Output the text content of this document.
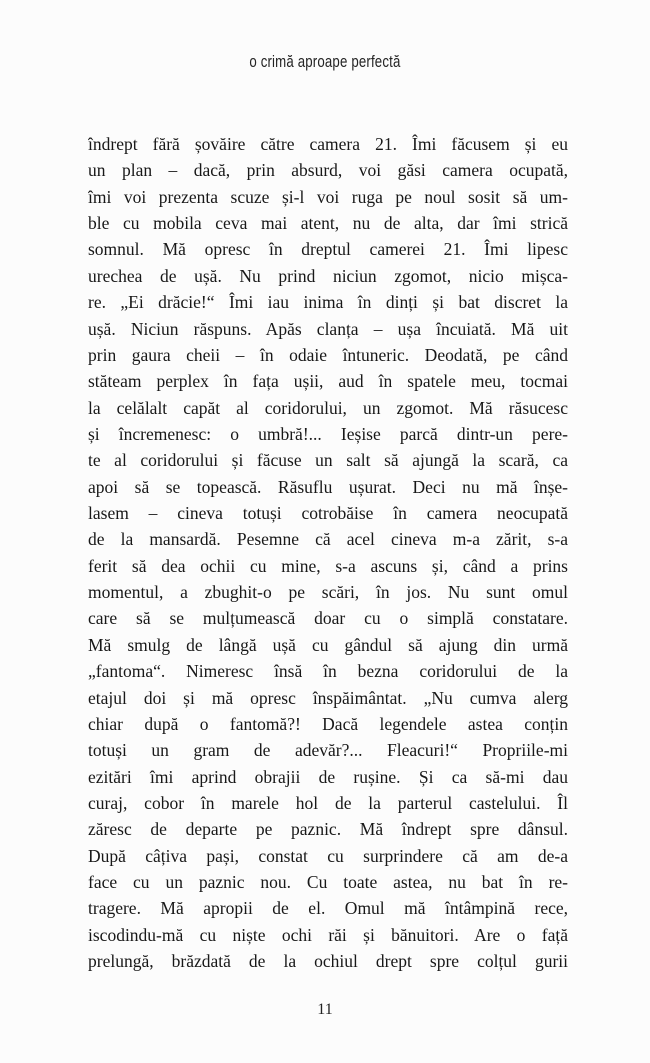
o crimă aproape perfectă
îndrept fără șovăire către camera 21. Îmi făcusem și eu
un plan – dacă, prin absurd, voi găsi camera ocupată,
îmi voi prezenta scuze și-l voi ruga pe noul sosit să um-
ble cu mobila ceva mai atent, nu de alta, dar îmi strică
somnul. Mă opresc în dreptul camerei 21. Îmi lipesc
urechea de ușă. Nu prind niciun zgomot, nicio mișca-
re. „Ei drăcie!“ Îmi iau inima în dinți și bat discret la
ușă. Niciun răspuns. Apăs clanța – ușa încuiată. Mă uit
prin gaura cheii – în odaie întuneric. Deodată, pe când
stăteam perplex în fața ușii, aud în spatele meu, tocmai
la celălalt capăt al coridorului, un zgomot. Mă răsucesc
și încremenesc: o umbră!... Ieșise parcă dintr-un pere-
te al coridorului și făcuse un salt să ajungă la scară, ca
apoi să se topească. Răsuflu ușurat. Deci nu mă înșe-
lasem – cineva totuși cotrobăise în camera neocupată
de la mansardă. Pesemne că acel cineva m-a zărit, s-a
ferit să dea ochii cu mine, s-a ascuns și, când a prins
momentul, a zbughit-o pe scări, în jos. Nu sunt omul
care să se mulțumească doar cu o simplă constatare.
Mă smulg de lângă ușă cu gândul să ajung din urmă
„fantoma“. Nimeresc însă în bezna coridorului de la
etajul doi și mă opresc înspăimântat. „Nu cumva alerg
chiar după o fantomă?! Dacă legendele astea conțin
totuși un gram de adevăr?... Fleacuri!“ Propriile-mi
ezitări îmi aprind obrajii de rușine. Și ca să-mi dau
curaj, cobor în marele hol de la parterul castelului. Îl
zăresc de departe pe paznic. Mă îndrept spre dânsul.
După câțiva pași, constat cu surprindere că am de-a
face cu un paznic nou. Cu toate astea, nu bat în re-
tragere. Mă apropii de el. Omul mă întâmpină rece,
iscodindu-mă cu niște ochi răi și bănuitori. Are o față
prelungă, brăzdată de la ochiul drept spre colțul gurii
11
